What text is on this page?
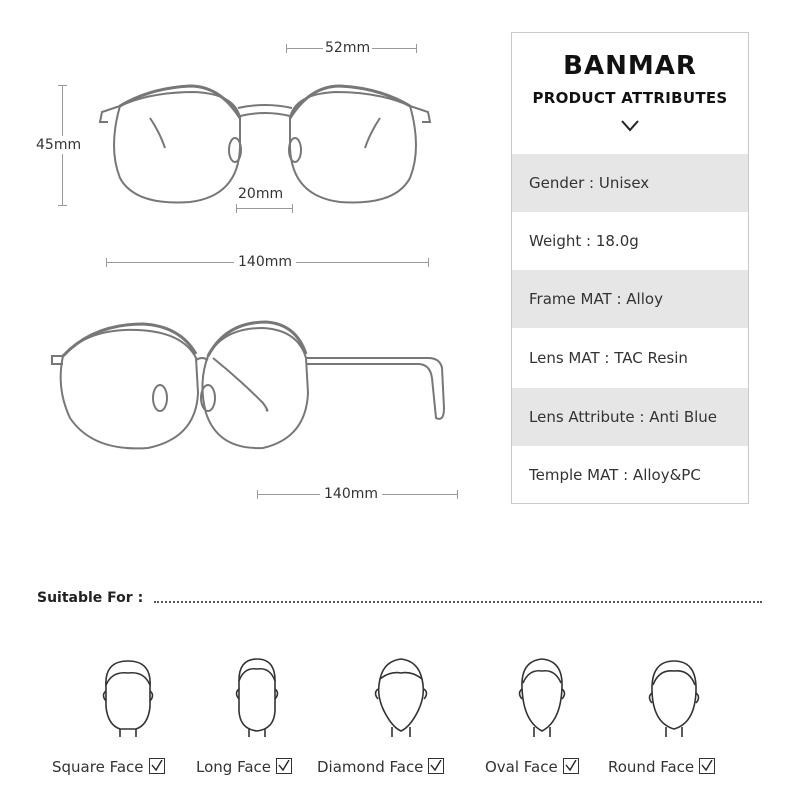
52mm
45mm
20mm
140mm
140mm
BANMAR
PRODUCT ATTRIBUTES
Gender : Unisex
Weight : 18.0g
Frame MAT : Alloy
Lens MAT : TAC Resin
Lens Attribute : Anti Blue
Temple MAT : Alloy&PC
Suitable For :
Square Face	Long Face	Diamond Face	Oval Face	Round Face
